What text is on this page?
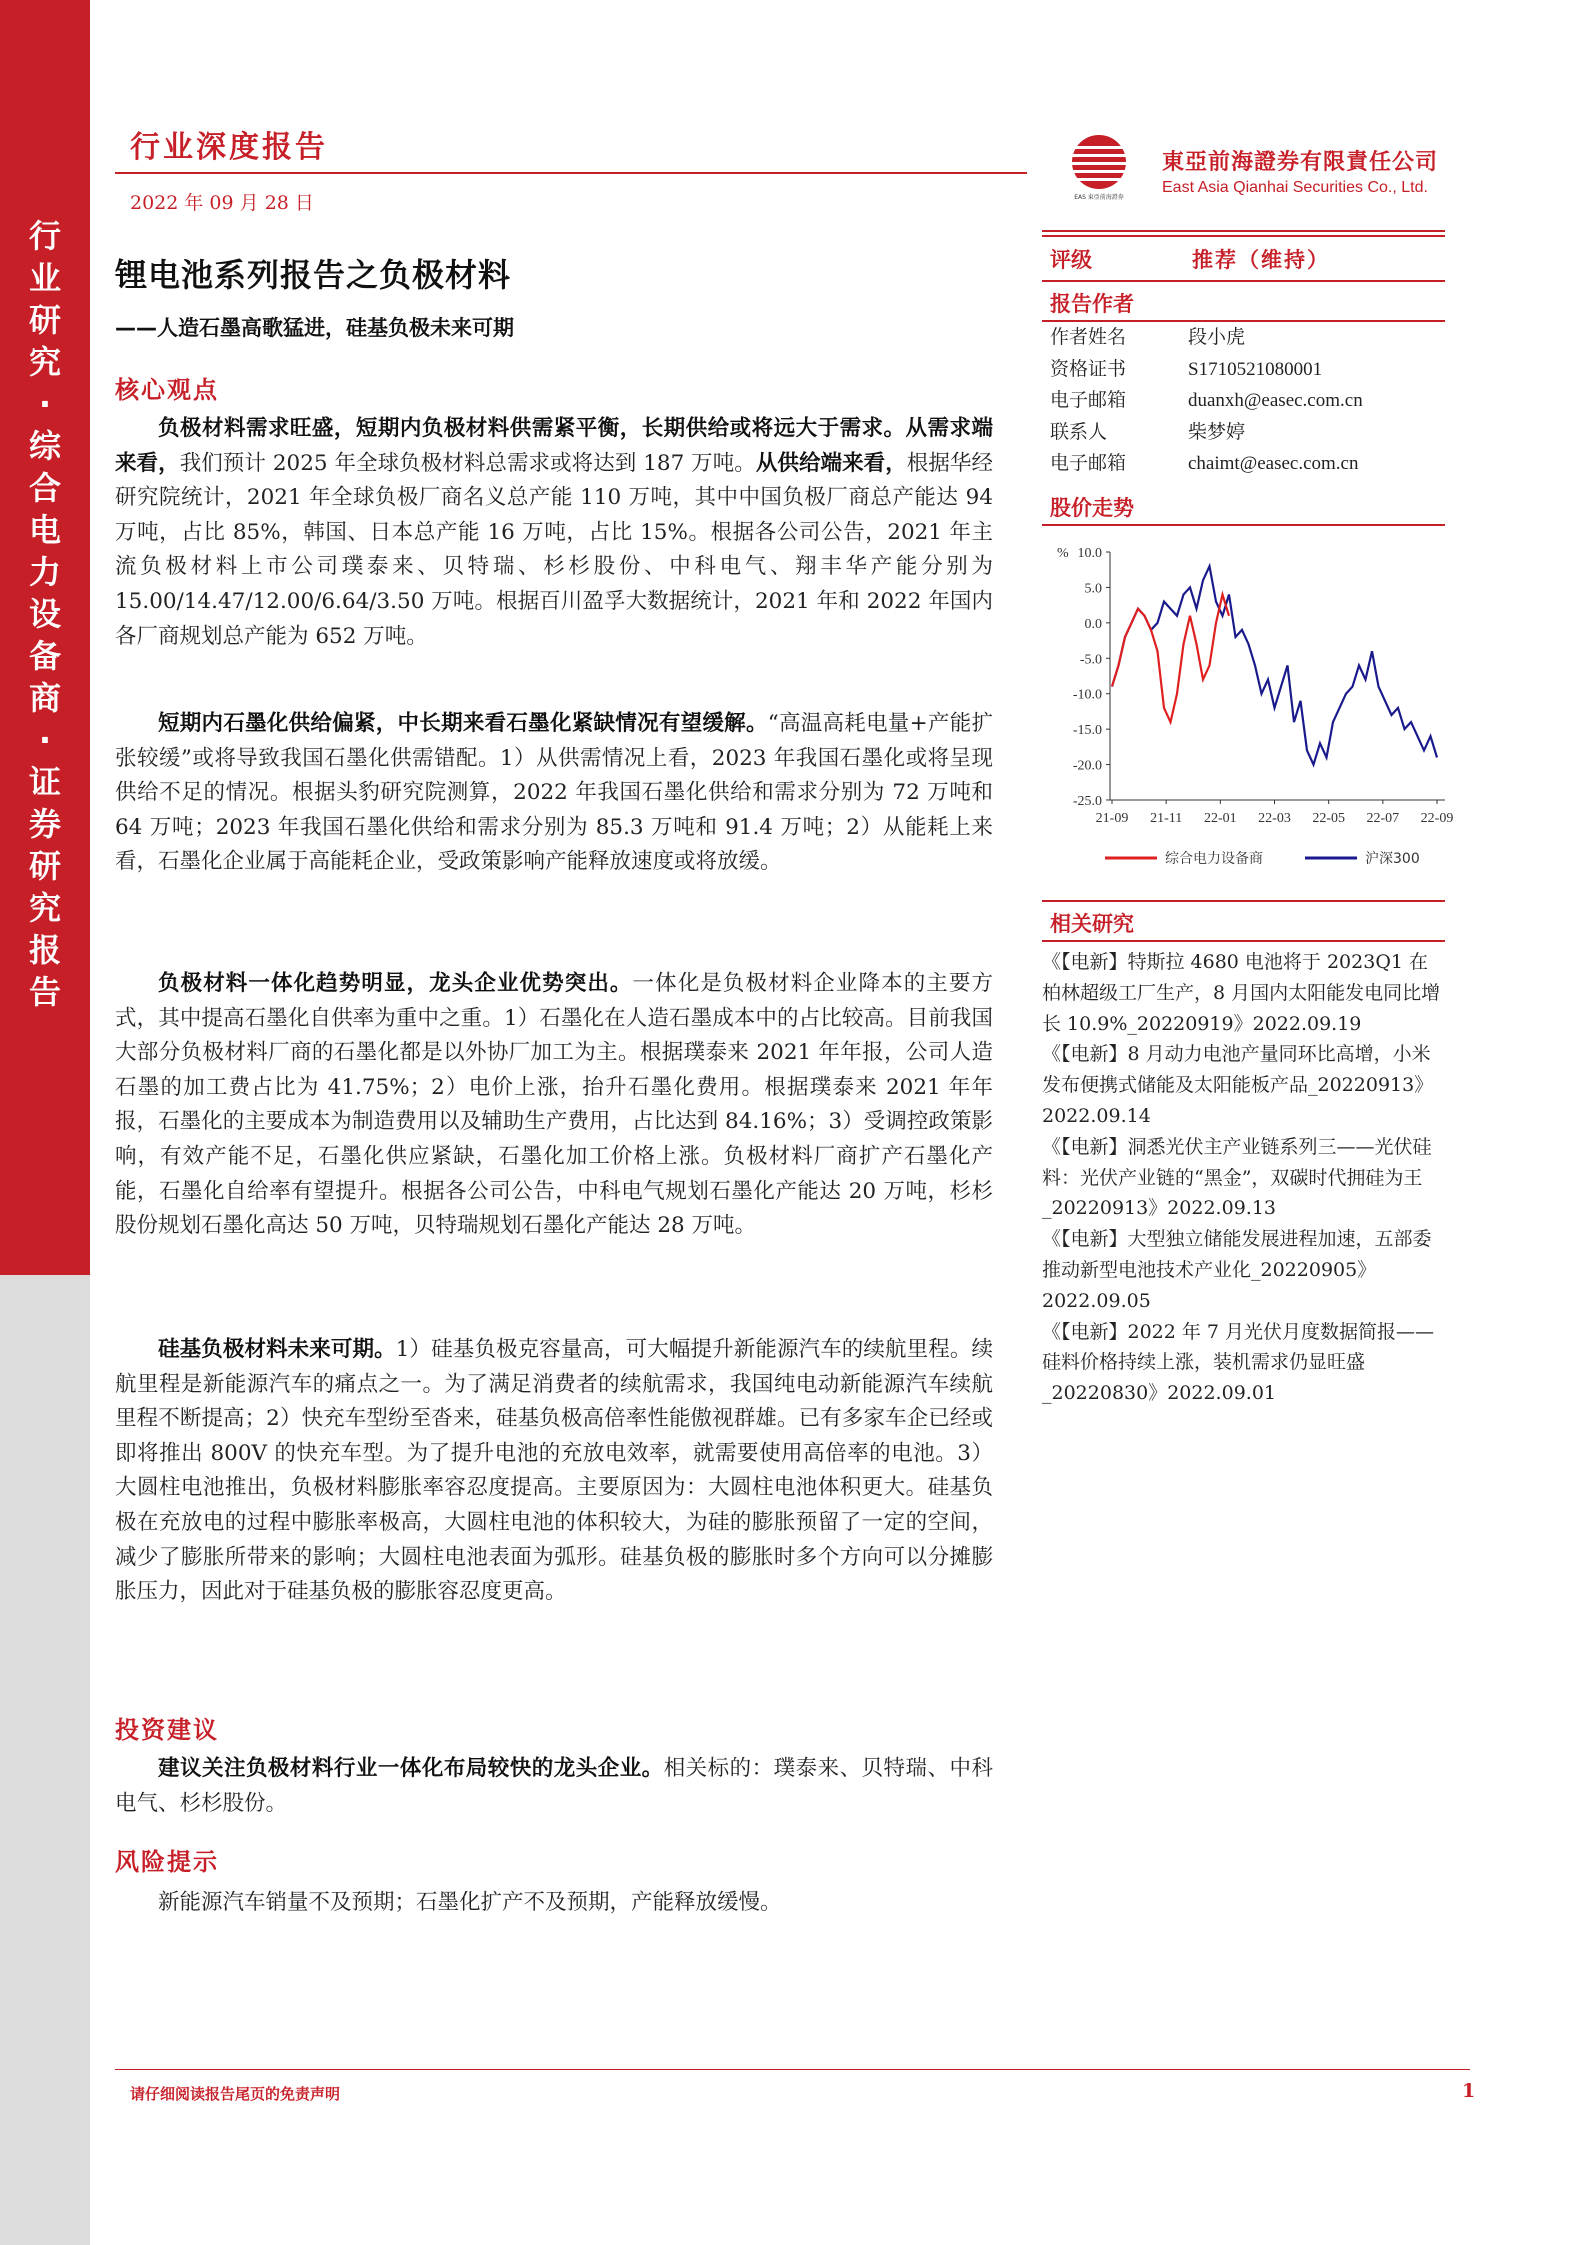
行
业
研
究
·
综
合
电
力
设
备
商
·
证
券
研
究
报
告
行业深度报告
2022 年 09 月 28 日	EAS 東亞前海證券
東亞前海證券有限責任公司
East Asia Qianhai Securities Co., Ltd.
锂电池系列报告之负极材料
——人造石墨高歌猛进，硅基负极未来可期
核心观点
负极材料需求旺盛，短期内负极材料供需紧平衡，长期供给或将远大于需求。从需求端来看，我们预计 2025 年全球负极材料总需求或将达到 187 万吨。从供给端来看，根据华经研究院统计，2021 年全球负极厂商名义总产能 110 万吨，其中中国负极厂商总产能达 94 万吨，占比 85%，韩国、日本总产能 16 万吨，占比 15%。根据各公司公告，2021 年主流负极材料上市公司璞泰来、贝特瑞、杉杉股份、中科电气、翔丰华产能分别为 15.00/14.47/12.00/6.64/3.50 万吨。根据百川盈孚大数据统计，2021 年和 2022 年国内各厂商规划总产能为 652 万吨。
短期内石墨化供给偏紧，中长期来看石墨化紧缺情况有望缓解。“高温高耗电量+产能扩张较缓”或将导致我国石墨化供需错配。1）从供需情况上看，2023 年我国石墨化或将呈现供给不足的情况。根据头豹研究院测算，2022 年我国石墨化供给和需求分别为 72 万吨和 64 万吨；2023 年我国石墨化供给和需求分别为 85.3 万吨和 91.4 万吨；2）从能耗上来看，石墨化企业属于高能耗企业，受政策影响产能释放速度或将放缓。
负极材料一体化趋势明显，龙头企业优势突出。一体化是负极材料企业降本的主要方式，其中提高石墨化自供率为重中之重。1）石墨化在人造石墨成本中的占比较高。目前我国大部分负极材料厂商的石墨化都是以外协厂加工为主。根据璞泰来 2021 年年报，公司人造石墨的加工费占比为 41.75%；2）电价上涨，抬升石墨化费用。根据璞泰来 2021 年年报，石墨化的主要成本为制造费用以及辅助生产费用，占比达到 84.16%；3）受调控政策影响，有效产能不足，石墨化供应紧缺，石墨化加工价格上涨。负极材料厂商扩产石墨化产能，石墨化自给率有望提升。根据各公司公告，中科电气规划石墨化产能达 20 万吨，杉杉股份规划石墨化高达 50 万吨，贝特瑞规划石墨化产能达 28 万吨。
硅基负极材料未来可期。1）硅基负极克容量高，可大幅提升新能源汽车的续航里程。续航里程是新能源汽车的痛点之一。为了满足消费者的续航需求，我国纯电动新能源汽车续航里程不断提高；2）快充车型纷至沓来，硅基负极高倍率性能傲视群雄。已有多家车企已经或即将推出 800V 的快充车型。为了提升电池的充放电效率，就需要使用高倍率的电池。3）大圆柱电池推出，负极材料膨胀率容忍度提高。主要原因为：大圆柱电池体积更大。硅基负极在充放电的过程中膨胀率极高，大圆柱电池的体积较大，为硅的膨胀预留了一定的空间，减少了膨胀所带来的影响；大圆柱电池表面为弧形。硅基负极的膨胀时多个方向可以分摊膨胀压力，因此对于硅基负极的膨胀容忍度更高。
投资建议
建议关注负极材料行业一体化布局较快的龙头企业。相关标的：璞泰来、贝特瑞、中科电气、杉杉股份。
风险提示
新能源汽车销量不及预期；石墨化扩产不及预期，产能释放缓慢。
评级	推荐（维持）
报告作者
作者姓名	段小虎
资格证书	S1710521080001
电子邮箱	duanxh@easec.com.cn
联系人	柴梦婷
电子邮箱	chaimt@easec.com.cn
股价走势
% 10.0
5.0
0.0
-5.0
-10.0
-15.0
-20.0
-25.0
21-09 21-11 22-01 22-03 22-05 22-07 22-09
综合电力设备商	沪深300
相关研究
《【电新】特斯拉 4680 电池将于 2023Q1 在柏林超级工厂生产，8 月国内太阳能发电同比增长 10.9%_20220919》2022.09.19
《【电新】8 月动力电池产量同环比高增，小米发布便携式储能及太阳能板产品_20220913》2022.09.14
《【电新】洞悉光伏主产业链系列三——光伏硅料：光伏产业链的“黑金”，双碳时代拥硅为王_20220913》2022.09.13
《【电新】大型独立储能发展进程加速，五部委推动新型电池技术产业化_20220905》2022.09.05
《【电新】2022 年 7 月光伏月度数据简报——硅料价格持续上涨，装机需求仍显旺盛_20220830》2022.09.01
请仔细阅读报告尾页的免责声明	1
